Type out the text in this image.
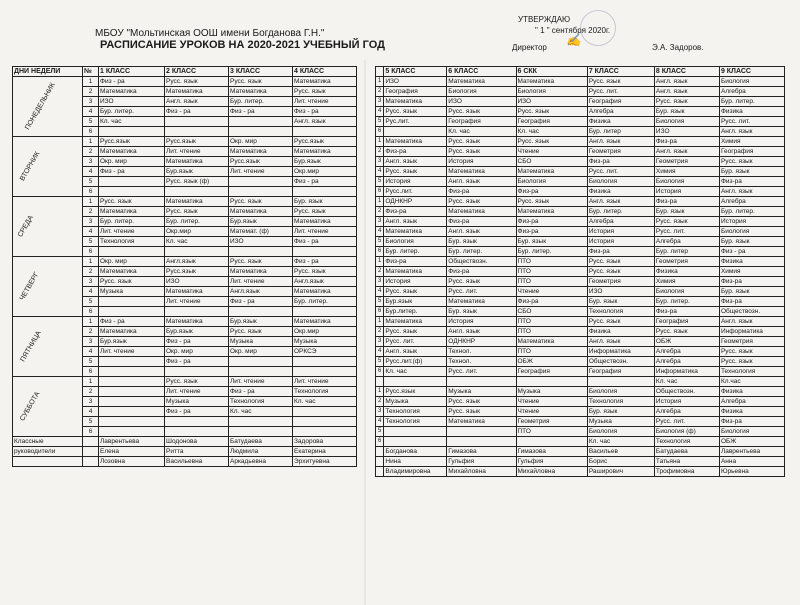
МБОУ "Мольтинская ООШ имени Богданова Г.Н."
РАСПИСАНИЕ УРОКОВ НА 2020-2021 УЧЕБНЫЙ ГОД
УТВЕРЖДАЮ
" 1 " сентября 2020г.
Директор
✍
Э.А. Задоров.
ДНИ НЕДЕЛИ	№	1 КЛАСС	2 КЛАСС	3 КЛАСС	4 КЛАСС
ПОНЕДЕЛЬНИК	1	Физ - ра	Русс. язык	Русс. язык	Математика
	2	Математика	Математика	Математика	Русс. язык
	3	ИЗО	Англ. язык	Бур. литер.	Лит. чтение
	4	Бур. литер.	Физ - ра	Физ - ра	Физ - ра
	5	Кл. час			Англ. язык
	6				
ВТОРНИК	1	Русс.язык	Русс.язык	Окр. мир	Русс.язык
	2	Математика	Лит. чтение	Математика	Математика
	3	Окр. мир	Математика	Русс.язык	Бур.язык
	4	Физ - ра	Бур.язык	Лит. чтение	Окр.мир
	5		Русс. язык (ф)		Физ - ра
	6				
СРЕДА	1	Русс. язык	Математика	Русс. язык	Бур. язык
	2	Математика	Русс. язык	Математика	Русс. язык
	3	Бур. литер.	Бур. литер.	Бур.язык	Математика
	4	Лит. чтение	Окр.мир	Математ. (ф)	Лит. чтение
	5	Технология	Кл. час	ИЗО	Физ - ра
	6				
ЧЕТВЕРГ	1	Окр. мир	Англ.язык	Русс. язык	Физ - ра
	2	Математика	Русс.язык	Математика	Русс. язык
	3	Русс. язык	ИЗО	Лит. чтение	Англ.язык
	4	Музыка	Математика	Англ.язык	Математика
	5		Лит. чтение	Физ - ра	Бур. литер.
	6				
ПЯТНИЦА	1	Физ - ра	Математика	Бур.язык	Математика
	2	Математика	Бур.язык	Русс. язык	Окр.мир
	3	Бур.язык	Физ - ра	Музыка	Музыка
	4	Лит. чтение	Окр. мир	Окр. мир	ОРКСЭ
	5		Физ - ра		
	6				
СУББОТА	1		Русс. язык	Лит. чтение	Лит. чтение
	2		Лит. чтение	Физ - ра	Технология
	3		Музыка	Технология	Кл. час
	4		Физ - ра	Кл. час	
	5				
	6				
Классные		Лаврентьева	Шодонова	Батудаева	Задорова
руководители		Елена	Ритта	Людмила	Екатерина
		Лозовна	Васильевна	Аркадьевна	Эрхитуевна
	5 КЛАСС	6 КЛАСС	6 СКК	7 КЛАСС	8 КЛАСС	9 КЛАСС
1	ИЗО	Математика	Математика	Русс. язык	Англ. язык	Биология
2	География	Биология	Биология	Русс. лит.	Англ. язык	Алгебра
3	Математика	ИЗО	ИЗО	География	Русс. язык	Бур. литер.
4	Русс. язык	Русс. язык	Русс. язык	Алгебра	Бур. язык	Физика
5	Рус.лит.	География	География	Физика	Биология	Русс. лит.
6		Кл. час	Кл. час	Бур. литер	ИЗО	Англ. язык
1	Математика	Русс. язык	Русс. язык	Англ. язык	Физ-ра	Химия
2	Физ-ра	Русс. язык	Чтение	Геометрия	Англ. язык	География
3	Англ. язык	История	СБО	Физ-ра	Геометрия	Русс. язык
4	Русс. язык	Математика	Математика	Русс. лит.	Химия	Бур. язык
5	История	Англ. язык	Биология	Биология	Биология	Физ-ра
6	Русс.лит.	Физ-ра	Физ-ра	Физика	История	Англ. язык
1	ОДНКНР	Русс. язык	Русс. язык	Англ. язык	Физ-ра	Алгебра
2	Физ-ра	Математика	Математика	Бур. литер.	Бур. язык	Бур. литер.
3	Англ. язык	Физ-ра	Физ-ра	Алгебра	Русс. язык	История
4	Математика	Англ. язык	Физ-ра	История	Русс. лит.	Биология
5	Биология	Бур. язык	Бур. язык	История	Алгебра	Бур. язык
6	Бур. литер.	Бур. литер.	Бур. литер.	Физ-ра	Бур. литер	Физ - ра
1	Физ-ра	Обществозн.	ПТО	Русс. язык	Геометрия	Физика
2	Математика	Физ-ра	ПТО	Русс. язык	Физика	Химия
3	История	Русс. язык	ПТО	Геометрия	Химия	Физ-ра
4	Русс. язык	Русс. лит.	Чтение	ИЗО	Биология	Бур. язык
5	Бур.язык	Математика	Физ-ра	Бур. язык	Бур. литер.	Физ-ра
6	Бур.литер.	Бур. язык	СБО	Технология	Физ-ра	Обществозн.
1	Математика	История	ПТО	Русс. язык	География	Англ. язык
2	Русс. язык	Англ. язык	ПТО	Физика	Русс. язык	Информатика
3	Русс. лит.	ОДНКНР	Математика	Англ. язык	ОБЖ	Геометрия
4	Англ. язык	Технол.	ПТО	Информатика	Алгебра	Русс. язык
5	Русс.лит.(ф)	Технол.	ОБЖ	Обществозн.	Алгебра	Русс. язык
6	Кл. час	Русс. лит.	География	География	Информатика	Технология
					Кл. час	Кл.час
1	Русс.язык	Музыка	Музыка	Биология	Обществозн.	Физика
2	Музыка	Русс. язык	Чтение	Технология	История	Алгебра
3	Технология	Русс. язык	Чтение	Бур. язык	Алгебра	Физика
4	Технология	Математика	Геометрия	Музыка	Русс. лит.	Физ-ра
5			ПТО	Биология	Биология (ф)	Биология
6				Кл. час	Технология	ОБЖ
	Богданова	Гимазова	Гимазова	Васильев	Батудаева	Лаврентьева
	Нина	Гульфия	Гульфия	Борис	Татьяна	Анна
	Владимировна	Михайловна	Михайловна	Раширович	Трофимовна	Юрьевна
